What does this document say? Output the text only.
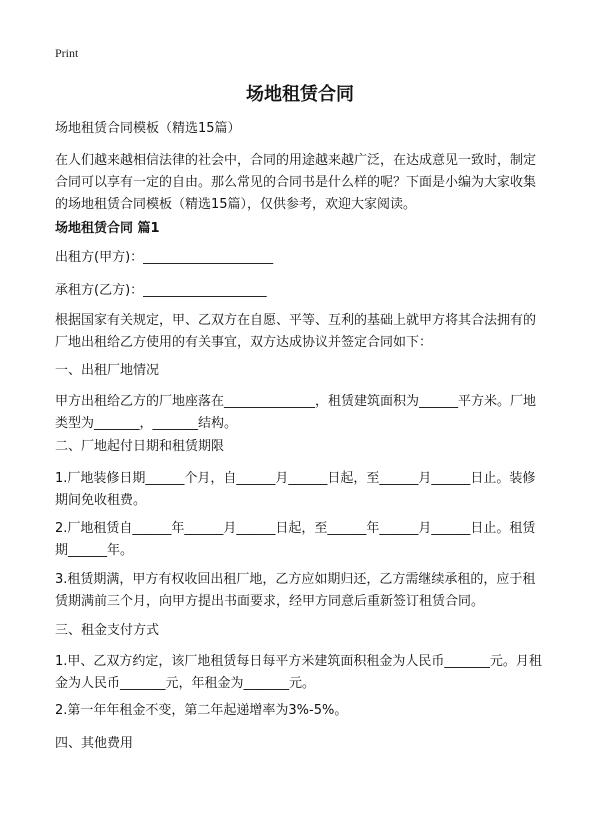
Print
场地租赁合同

场地租赁合同模板（精选15篇）

在人们越来越相信法律的社会中，合同的用途越来越广泛，在达成意见一致时，制定合同可以享有一定的自由。那么常见的合同书是什么样的呢？下面是小编为大家收集的场地租赁合同模板（精选15篇），仅供参考，欢迎大家阅读。

场地租赁合同 篇1

出租方(甲方)：____________________

承租方(乙方)：___________________

根据国家有关规定，甲、乙双方在自愿、平等、互利的基础上就甲方将其合法拥有的厂地出租给乙方使用的有关事宜，双方达成协议并签定合同如下：

一、出租厂地情况

甲方出租给乙方的厂地座落在______________，租赁建筑面积为______平方米。厂地类型为_______，_______结构。

二、厂地起付日期和租赁期限

1.厂地装修日期______个月，自______月______日起，至______月______日止。装修期间免收租费。

2.厂地租赁自______年______月______日起，至______年______月______日止。租赁期______年。

3.租赁期满，甲方有权收回出租厂地，乙方应如期归还，乙方需继续承租的，应于租赁期满前三个月，向甲方提出书面要求，经甲方同意后重新签订租赁合同。

三、租金支付方式

1.甲、乙双方约定，该厂地租赁每日每平方米建筑面积租金为人民币_______元。月租金为人民币_______元，年租金为_______元。

2.第一年年租金不变，第二年起递增率为3%-5%。

四、其他费用
